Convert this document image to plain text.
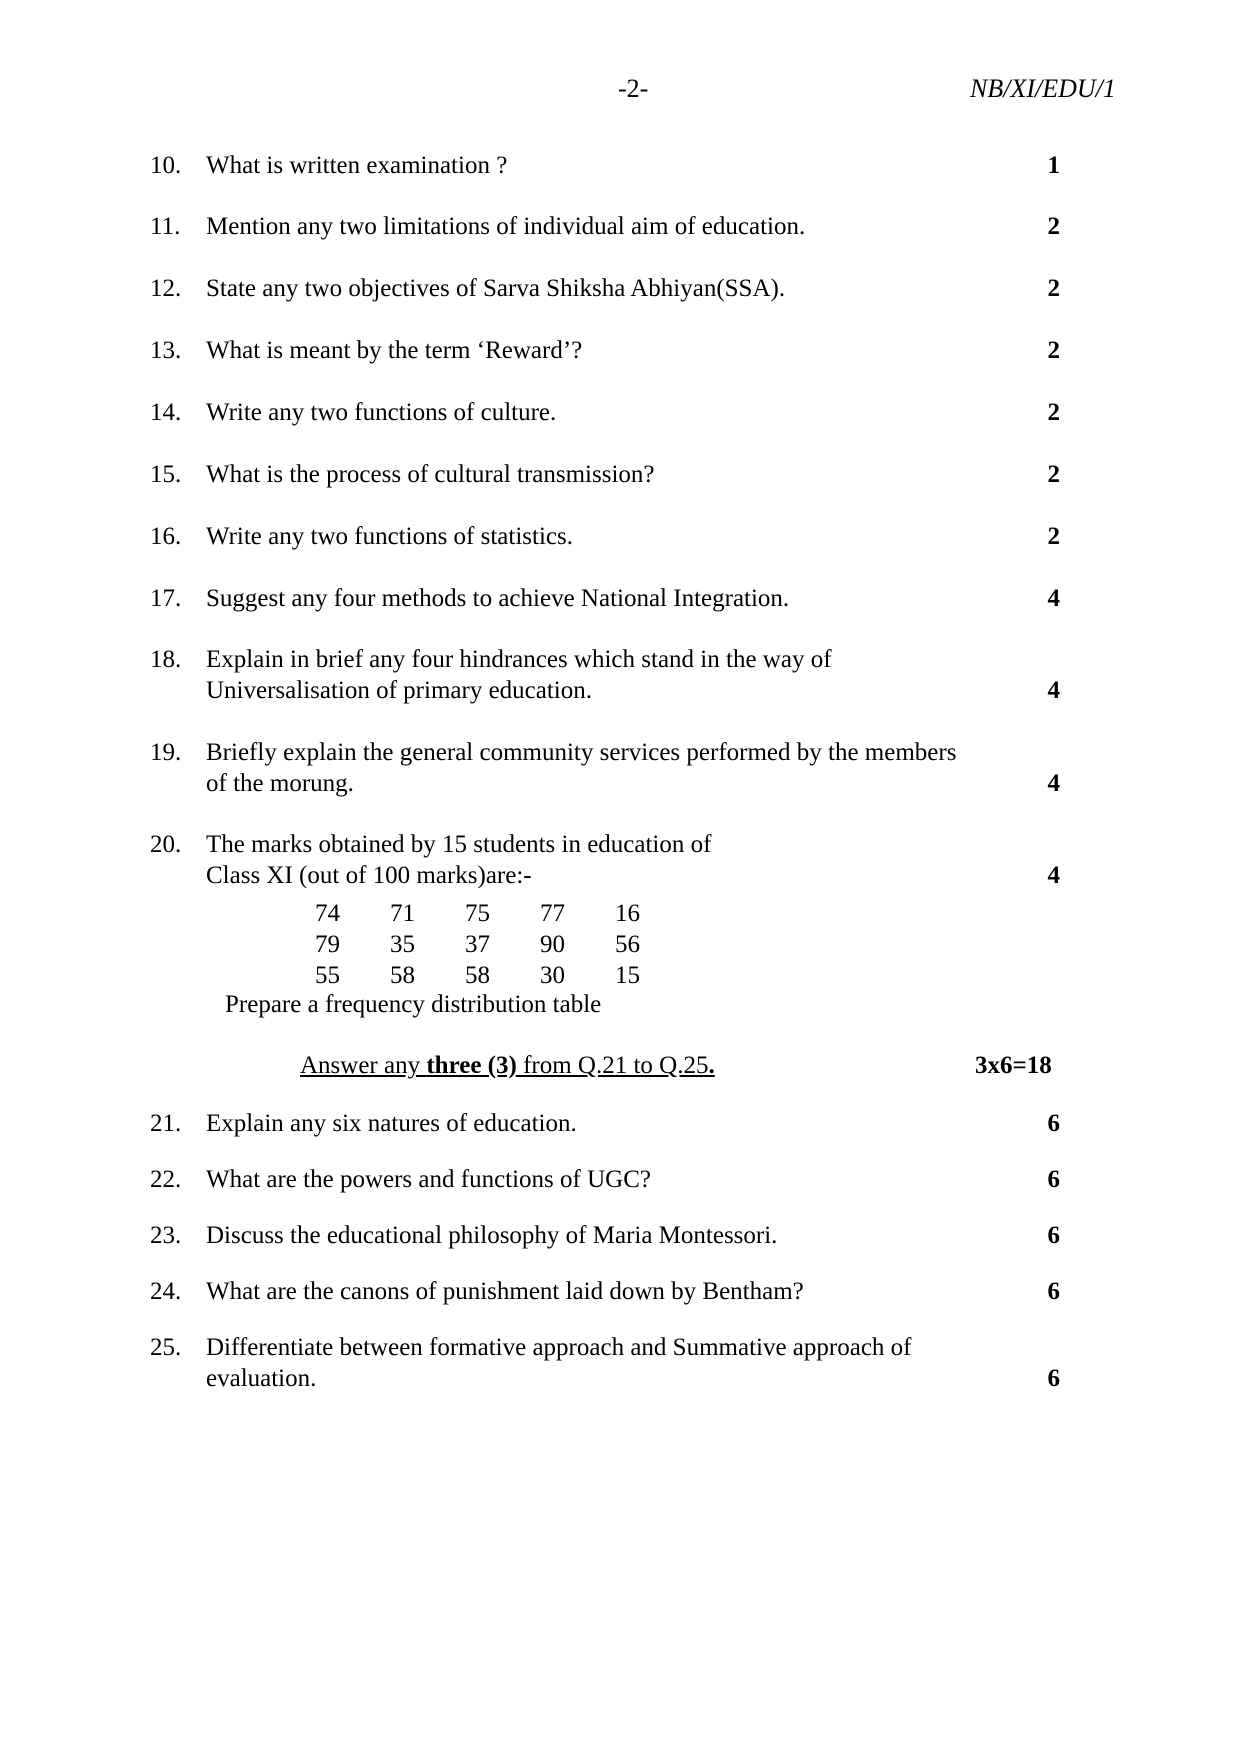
-2-	NB/XI/EDU/1
10. What is written examination ?	1
11.	Mention any two limitations of individual aim of education.	2
12. State any two objectives of Sarva Shiksha Abhiyan(SSA).	2
13. What is meant by the term ‘Reward’?	2
14. Write any two functions of culture.	2
15. What is the process of cultural transmission?	2
16. Write any two functions of statistics.	2
17. Suggest any four methods to achieve National Integration.	4
18. Explain in brief any four hindrances which stand in the way of
Universalisation of primary education.	4
19. Briefly explain the general community services performed by the members
of the morung.	4
20. The marks obtained by 15 students in education of
Class XI (out of 100 marks)are:-	4
74	71	75	77	16
79	35	37	90	56
55	58	58	30	15
Prepare a frequency distribution table
Answer any three (3) from Q.21 to Q.25.	3x6=18
21. Explain any six natures of education.	6
22. What are the powers and functions of UGC?	6
23. Discuss the educational philosophy of Maria Montessori.	6
24. What are the canons of punishment laid down by Bentham?	6
25. Differentiate between formative approach and Summative approach of
evaluation.	6
